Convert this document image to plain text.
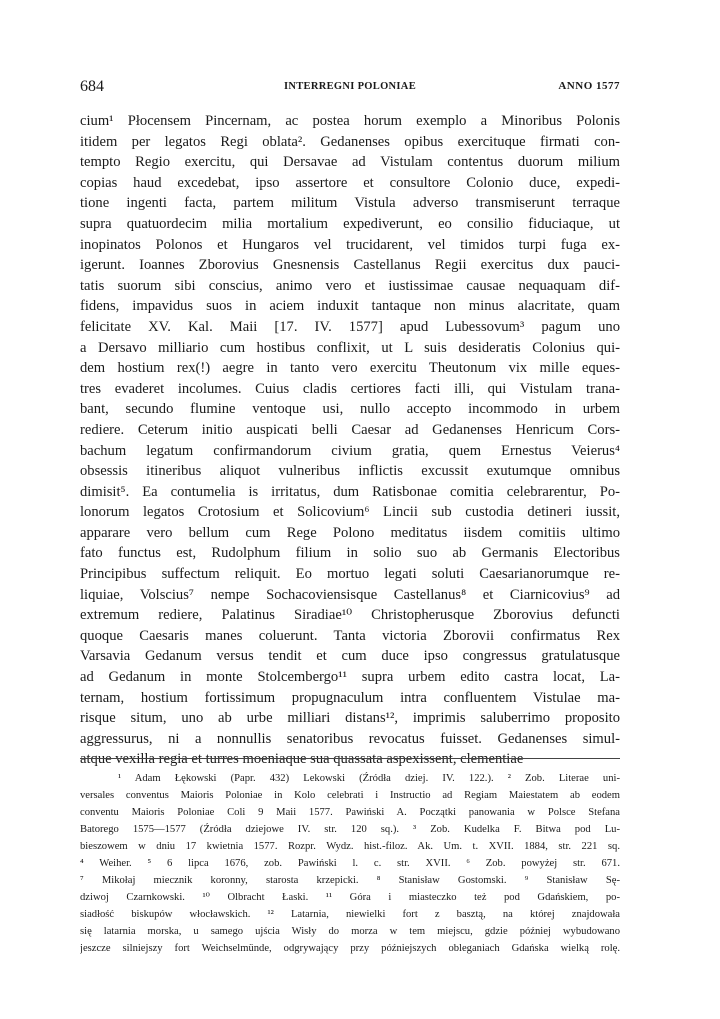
684	INTERREGNI POLONIAE	ANNO 1577
cium¹ Płocensem Pincernam, ac postea horum exemplo a Minoribus Polonis
itidem per legatos Regi oblata². Gedanenses opibus exercituque firmati con-
tempto Regio exercitu, qui Dersavae ad Vistulam contentus duorum milium
copias haud excedebat, ipso assertore et consultore Colonio duce, expedi-
tione ingenti facta, partem militum Vistula adverso transmiserunt terraque
supra quatuordecim milia mortalium expediverunt, eo consilio fiduciaque, ut
inopinatos Polonos et Hungaros vel trucidarent, vel timidos turpi fuga ex-
igerunt. Ioannes Zborovius Gnesnensis Castellanus Regii exercitus dux pauci-
tatis suorum sibi conscius, animo vero et iustissimae causae nequaquam dif-
fidens, impavidus suos in aciem induxit tantaque non minus alacritate, quam
felicitate XV. Kal. Maii [17. IV. 1577] apud Lubessovum³ pagum uno
a Dersavo milliario cum hostibus conflixit, ut L suis desideratis Colonius qui-
dem hostium rex(!) aegre in tanto vero exercitu Theutonum vix mille eques-
tres evaderet incolumes. Cuius cladis certiores facti illi, qui Vistulam trana-
bant, secundo flumine ventoque usi, nullo accepto incommodo in urbem
rediere. Ceterum initio auspicati belli Caesar ad Gedanenses Henricum Cors-
bachum legatum confirmandorum civium gratia, quem Ernestus Veierus⁴
obsessis itineribus aliquot vulneribus inflictis excussit exutumque omnibus
dimisit⁵. Ea contumelia is irritatus, dum Ratisbonae comitia celebrarentur, Po-
lonorum legatos Crotosium et Solicovium⁶ Lincii sub custodia detineri iussit,
apparare vero bellum cum Rege Polono meditatus iisdem comitiis ultimo
fato functus est, Rudolphum filium in solio suo ab Germanis Electoribus
Principibus suffectum reliquit. Eo mortuo legati soluti Caesarianorumque re-
liquiae, Volscius⁷ nempe Sochacoviensisque Castellanus⁸ et Ciarnicovius⁹ ad
extremum rediere, Palatinus Siradiae¹⁰ Christopherusque Zborovius defuncti
quoque Caesaris manes coluerunt. Tanta victoria Zborovii confirmatus Rex
Varsavia Gedanum versus tendit et cum duce ipso congressus gratulatusque
ad Gedanum in monte Stolcembergo¹¹ supra urbem edito castra locat, La-
ternam, hostium fortissimum propugnaculum intra confluentem Vistulae ma-
risque situm, uno ab urbe milliari distans¹², imprimis saluberrimo proposito
aggressurus, ni a nonnullis senatoribus revocatus fuisset. Gedanenses simul-
atque vexilla regia et turres moeniaque sua quassata aspexissent, clementiae
¹ Adam Łękowski (Papr. 432) Lekowski (Źródła dziej. IV. 122.). ² Zob. Literae uni-
versales conventus Maioris Poloniae in Kolo celebrati i Instructio ad Regiam Maiestatem ab eodem
conventu Maioris Poloniae Coli 9 Maii 1577. Pawiński A. Początki panowania w Polsce Stefana
Batorego 1575—1577 (Źródła dziejowe IV. str. 120 sq.). ³ Zob. Kudelka F. Bitwa pod Lu-
bieszowem w dniu 17 kwietnia 1577. Rozpr. Wydz. hist.-filoz. Ak. Um. t. XVII. 1884, str. 221 sq.
⁴ Weiher. ⁵ 6 lipca 1676, zob. Pawiński l. c. str. XVII. ⁶ Zob. powyżej str. 671.
⁷ Mikołaj miecznik koronny, starosta krzepicki. ⁸ Stanisław Gostomski. ⁹ Stanisław Sę-
dziwoj Czarnkowski. ¹⁰ Olbracht Łaski. ¹¹ Góra i miasteczko też pod Gdańskiem, po-
siadłość biskupów włocławskich. ¹² Latarnia, niewielki fort z basztą, na której znajdowała
się latarnia morska, u samego ujścia Wisły do morza w tem miejscu, gdzie później wybudowano
jeszcze silniejszy fort Weichselmünde, odgrywający przy późniejszych obleganiach Gdańska wielką rolę.
